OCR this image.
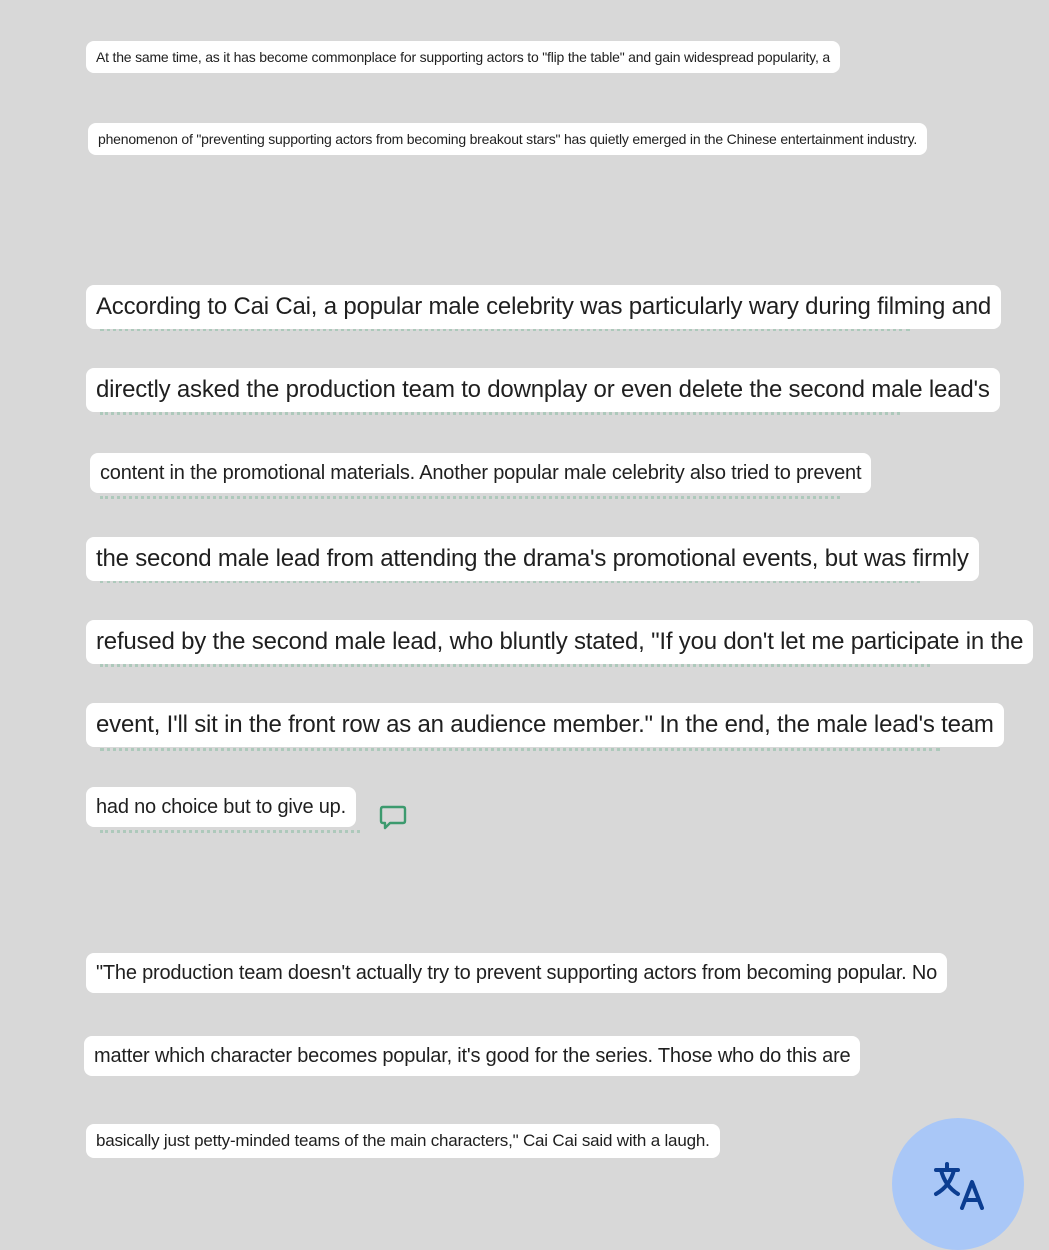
At the same time, as it has become commonplace for supporting actors to "flip the table" and gain widespread popularity, a
phenomenon of "preventing supporting actors from becoming breakout stars" has quietly emerged in the Chinese entertainment industry.
According to Cai Cai, a popular male celebrity was particularly wary during filming and
directly asked the production team to downplay or even delete the second male lead's
content in the promotional materials. Another popular male celebrity also tried to prevent
the second male lead from attending the drama's promotional events, but was firmly
refused by the second male lead, who bluntly stated, "If you don't let me participate in the
event, I'll sit in the front row as an audience member." In the end, the male lead's team
had no choice but to give up.
"The production team doesn't actually try to prevent supporting actors from becoming popular. No
matter which character becomes popular, it's good for the series. Those who do this are
basically just petty-minded teams of the main characters," Cai Cai said with a laugh.
